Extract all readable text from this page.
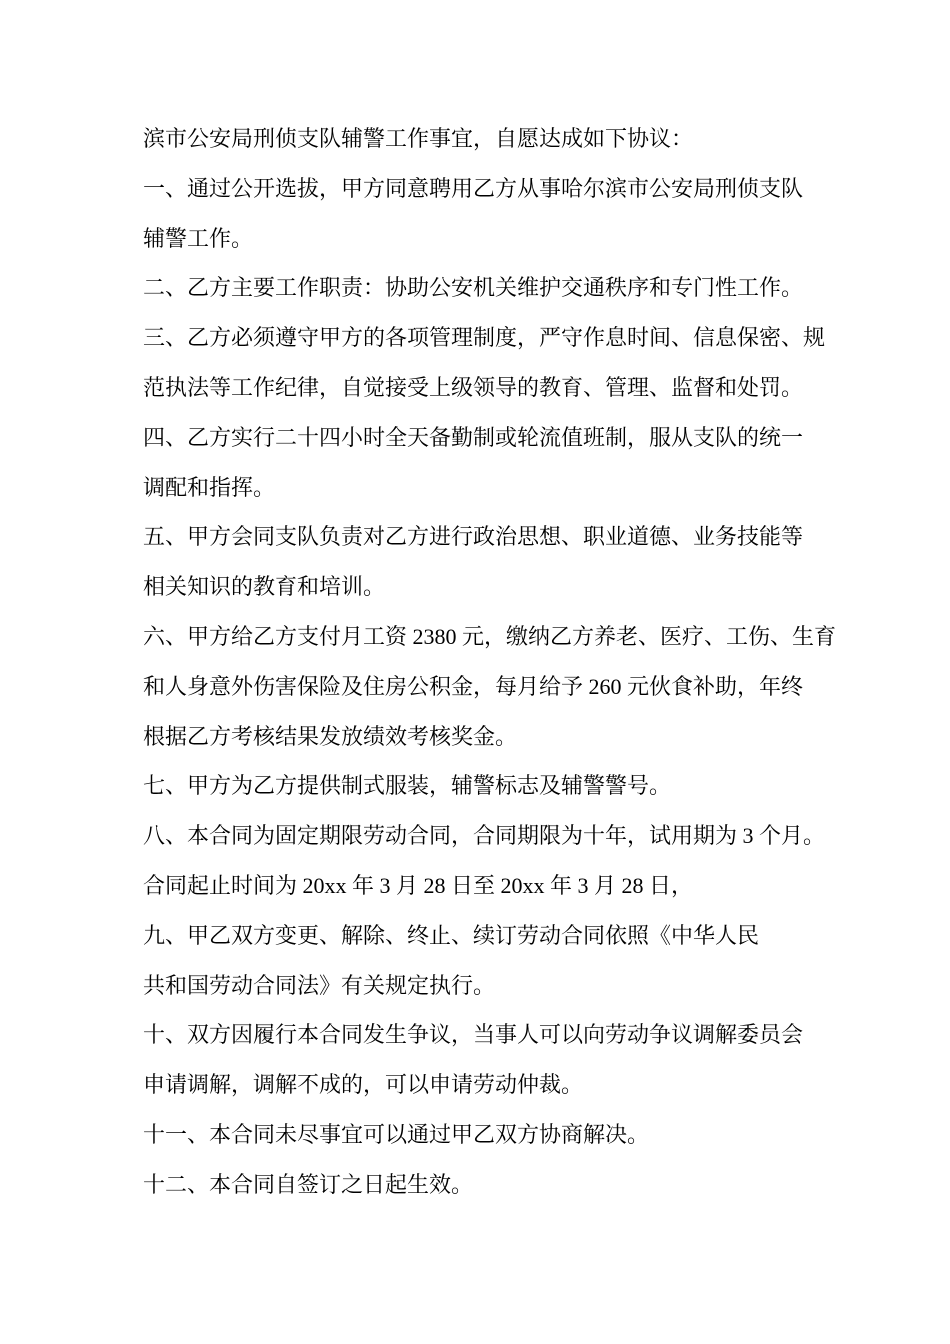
滨市公安局刑侦支队辅警工作事宜，自愿达成如下协议：
一、通过公开选拔，甲方同意聘用乙方从事哈尔滨市公安局刑侦支队
辅警工作。
二、乙方主要工作职责：协助公安机关维护交通秩序和专门性工作。
三、乙方必须遵守甲方的各项管理制度，严守作息时间、信息保密、规
范执法等工作纪律，自觉接受上级领导的教育、管理、监督和处罚。
四、乙方实行二十四小时全天备勤制或轮流值班制，服从支队的统一
调配和指挥。
五、甲方会同支队负责对乙方进行政治思想、职业道德、业务技能等
相关知识的教育和培训。
六、甲方给乙方支付月工资 2380 元，缴纳乙方养老、医疗、工伤、生育
和人身意外伤害保险及住房公积金，每月给予 260 元伙食补助，年终
根据乙方考核结果发放绩效考核奖金。
七、甲方为乙方提供制式服装，辅警标志及辅警警号。
八、本合同为固定期限劳动合同，合同期限为十年，试用期为 3 个月。
合同起止时间为 20xx 年 3 月 28 日至 20xx 年 3 月 28 日，
九、甲乙双方变更、解除、终止、续订劳动合同依照《中华人民
共和国劳动合同法》有关规定执行。
十、双方因履行本合同发生争议，当事人可以向劳动争议调解委员会
申请调解，调解不成的，可以申请劳动仲裁。
十一、本合同未尽事宜可以通过甲乙双方协商解决。
十二、本合同自签订之日起生效。
